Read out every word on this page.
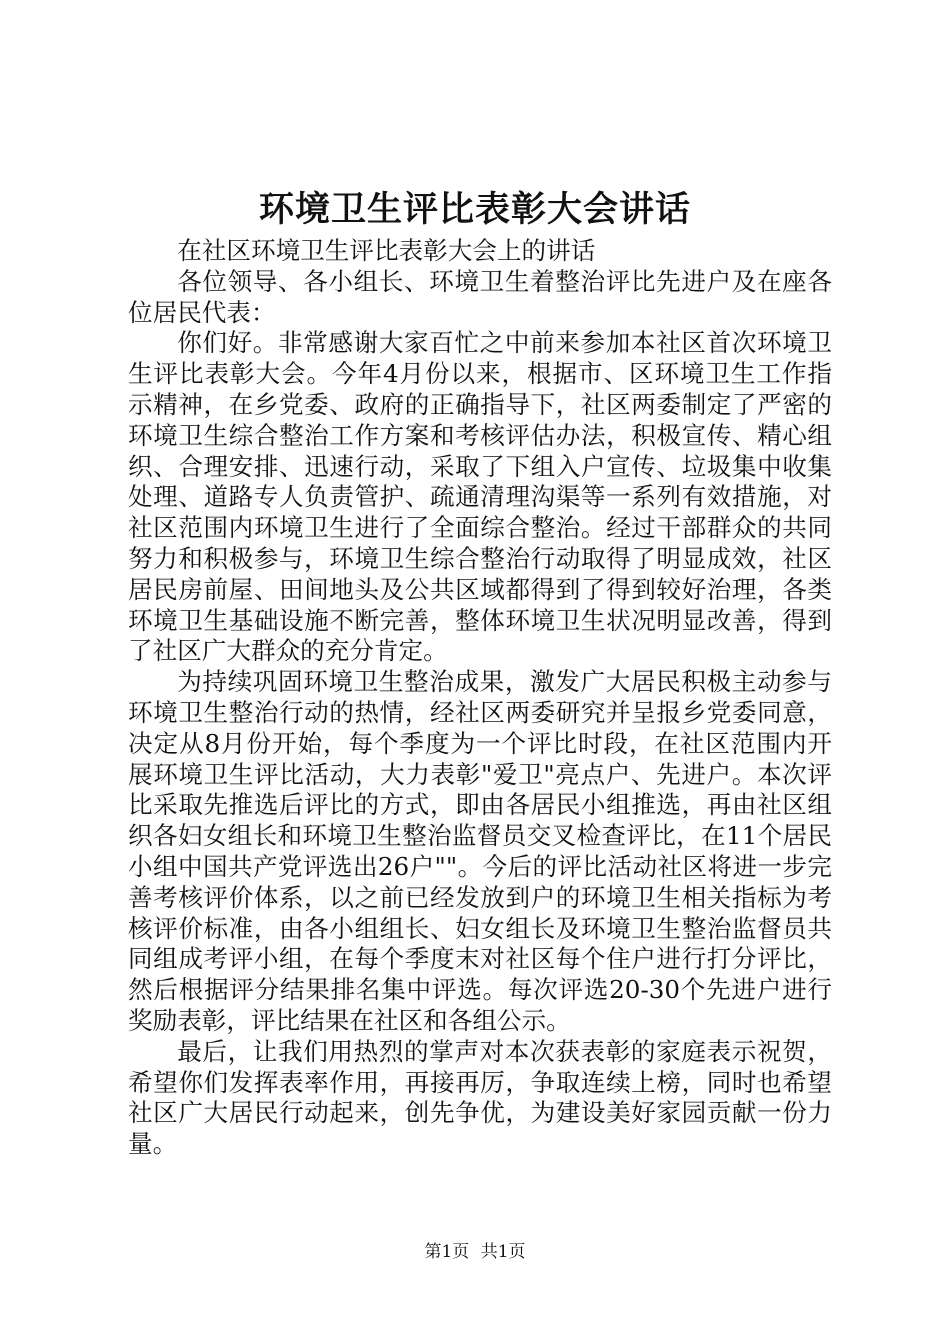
环境卫生评比表彰大会讲话

在社区环境卫生评比表彰大会上的讲话

各位领导、各小组长、环境卫生着整治评比先进户及在座各位居民代表：

你们好。非常感谢大家百忙之中前来参加本社区首次环境卫生评比表彰大会。今年4月份以来，根据市、区环境卫生工作指示精神，在乡党委、政府的正确指导下，社区两委制定了严密的环境卫生综合整治工作方案和考核评估办法，积极宣传、精心组织、合理安排、迅速行动，采取了下组入户宣传、垃圾集中收集处理、道路专人负责管护、疏通清理沟渠等一系列有效措施，对社区范围内环境卫生进行了全面综合整治。经过干部群众的共同努力和积极参与，环境卫生综合整治行动取得了明显成效，社区居民房前屋、田间地头及公共区域都得到了得到较好治理，各类环境卫生基础设施不断完善，整体环境卫生状况明显改善，得到了社区广大群众的充分肯定。

为持续巩固环境卫生整治成果，激发广大居民积极主动参与环境卫生整治行动的热情，经社区两委研究并呈报乡党委同意，决定从8月份开始，每个季度为一个评比时段，在社区范围内开展环境卫生评比活动，大力表彰"爱卫"亮点户、先进户。本次评比采取先推选后评比的方式，即由各居民小组推选，再由社区组织各妇女组长和环境卫生整治监督员交叉检查评比，在11个居民小组中国共产党评选出26户""。今后的评比活动社区将进一步完善考核评价体系，以之前已经发放到户的环境卫生相关指标为考核评价标准，由各小组组长、妇女组长及环境卫生整治监督员共同组成考评小组，在每个季度末对社区每个住户进行打分评比，然后根据评分结果排名集中评选。每次评选20-30个先进户进行奖励表彰，评比结果在社区和各组公示。

最后，让我们用热烈的掌声对本次获表彰的家庭表示祝贺，希望你们发挥表率作用，再接再厉，争取连续上榜，同时也希望社区广大居民行动起来，创先争优，为建设美好家园贡献一份力量。

第1页 共1页
